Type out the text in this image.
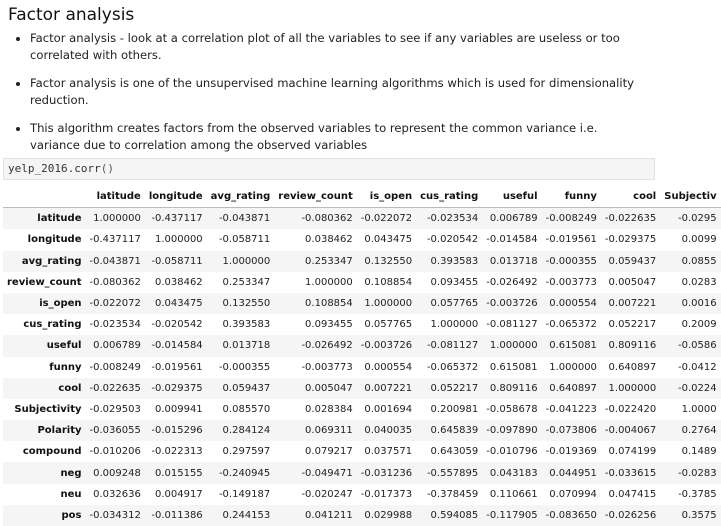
Factor analysis
• Factor analysis - look at a correlation plot of all the variables to see if any variables are useless or too correlated with others.
• Factor analysis is one of the unsupervised machine learning algorithms which is used for dimensionality reduction.
• This algorithm creates factors from the observed variables to represent the common variance i.e. variance due to correlation among the observed variables
yelp_2016.corr()
	latitude	longitude	avg_rating	review_count	is_open	cus_rating	useful	funny	cool	Subjectiv
latitude	1.000000	-0.437117	-0.043871	-0.080362	-0.022072	-0.023534	0.006789	-0.008249	-0.022635	-0.0295
longitude	-0.437117	1.000000	-0.058711	0.038462	0.043475	-0.020542	-0.014584	-0.019561	-0.029375	0.0099
avg_rating	-0.043871	-0.058711	1.000000	0.253347	0.132550	0.393583	0.013718	-0.000355	0.059437	0.0855
review_count	-0.080362	0.038462	0.253347	1.000000	0.108854	0.093455	-0.026492	-0.003773	0.005047	0.0283
is_open	-0.022072	0.043475	0.132550	0.108854	1.000000	0.057765	-0.003726	0.000554	0.007221	0.0016
cus_rating	-0.023534	-0.020542	0.393583	0.093455	0.057765	1.000000	-0.081127	-0.065372	0.052217	0.2009
useful	0.006789	-0.014584	0.013718	-0.026492	-0.003726	-0.081127	1.000000	0.615081	0.809116	-0.0586
funny	-0.008249	-0.019561	-0.000355	-0.003773	0.000554	-0.065372	0.615081	1.000000	0.640897	-0.0412
cool	-0.022635	-0.029375	0.059437	0.005047	0.007221	0.052217	0.809116	0.640897	1.000000	-0.0224
Subjectivity	-0.029503	0.009941	0.085570	0.028384	0.001694	0.200981	-0.058678	-0.041223	-0.022420	1.0000
Polarity	-0.036055	-0.015296	0.284124	0.069311	0.040035	0.645839	-0.097890	-0.073806	-0.004067	0.2764
compound	-0.010206	-0.022313	0.297597	0.079217	0.037571	0.643059	-0.010796	-0.019369	0.074199	0.1489
neg	0.009248	0.015155	-0.240945	-0.049471	-0.031236	-0.557895	0.043183	0.044951	-0.033615	-0.0283
neu	0.032636	0.004917	-0.149187	-0.020247	-0.017373	-0.378459	0.110661	0.070994	0.047415	-0.3785
pos	-0.034312	-0.011386	0.244153	0.041211	0.029988	0.594085	-0.117905	-0.083650	-0.026256	0.3575
